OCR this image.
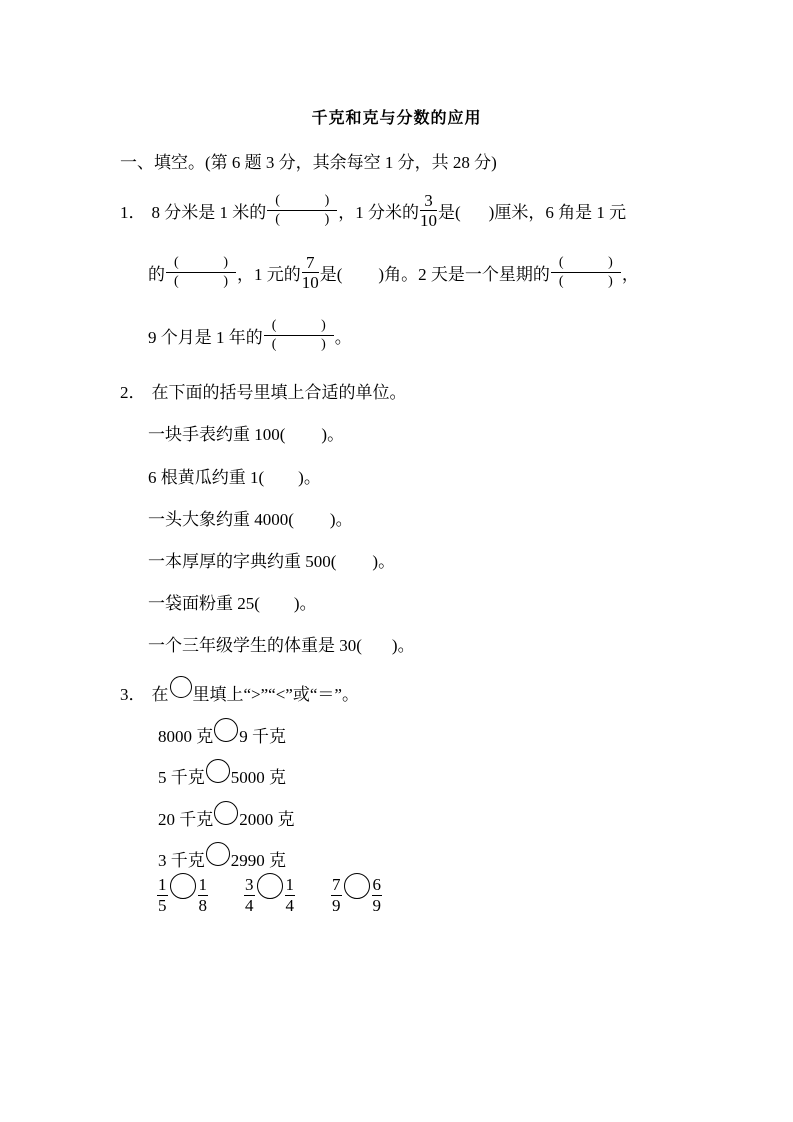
千克和克与分数的应用
一、填空。(第 6 题 3 分，其余每空 1 分，共 28 分)
1． 8 分米是 1 米的 (	)
(	) ，1 分米的 $\frac{3}{10}$ 是( )厘米，6 角是 1 元
的 (	)
(	) ，1 元的 $\frac{7}{10}$ 是( )角。2 天是一个星期的 (	)
(	) ，
9 个月是 1 年的 (	)
(	) 。
2． 在下面的括号里填上合适的单位。
一块手表约重 100( )。
6 根黄瓜约重 1( )。
一头大象约重 4000( )。
一本厚厚的字典约重 500( )。
一袋面粉重 25( )。
一个三年级学生的体重是 30( )。
3． 在 里填上“>”“<”或“＝”。
8000 克 9 千克
5 千克 5000 克
20 千克 2000 克
3 千克 2990 克
$\frac{1}{5} \frac{1}{8} \frac{3}{4} \frac{1}{4} \frac{7}{9} \frac{6}{9}$
